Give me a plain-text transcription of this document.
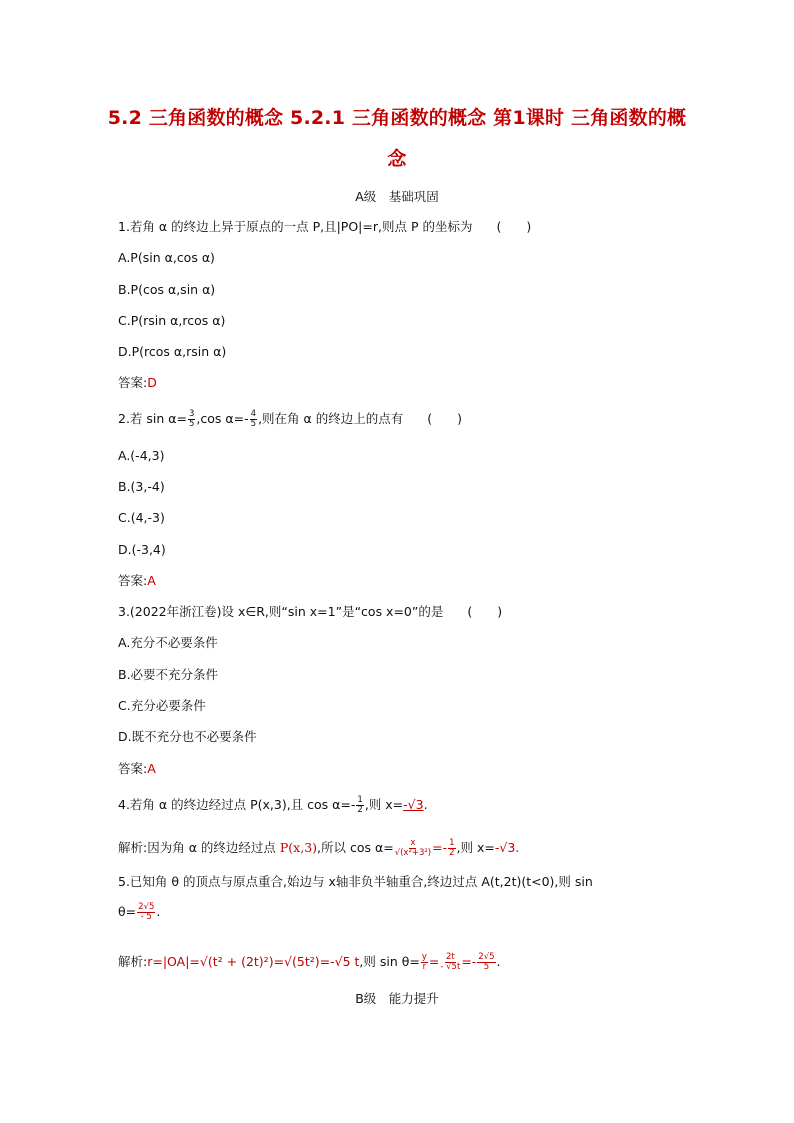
5.2 三角函数的概念 5.2.1 三角函数的概念 第1课时 三角函数的概念
A级　基础巩固
1.若角 α 的终边上异于原点的一点 P,且|PO|=r,则点 P 的坐标为 (　　)
A.P(sin α,cos α)
B.P(cos α,sin α)
C.P(rsin α,rcos α)
D.P(rcos α,rsin α)
答案:D
2.若 $\sin \alpha= \frac{3}{5} ,\cos$ $\alpha=- \frac{4}{5}$ ,则在角 α 的终边上的点有 (　　)
A.(-4,3)
B.(3,-4)
C.(4,-3)
D.(-3,4)
答案:A
3.(2022年浙江卷)设 x∈R,则“sin x=1”是“cos x=0”的是 (　　)
A.充分不必要条件
B.必要不充分条件
C.充分必要条件
D.既不充分也不必要条件
答案:A
4.若角 α 的终边经过点 P(x,3),且 $\cos \alpha=- \frac{1}{2}$ ,则 x=-√3.
解析:因为角 α 的终边经过点 P(x,3),所以 $\cos \alpha= \frac{x}{\text{√(x²+3²)}} =- \frac{1}{2}$ ,则 x=-√3.
5.已知角 θ 的顶点与原点重合,始边与 x轴非负半轴重合,终边过点 A(t,2t)(t<0),则 sin
$\theta= \frac{2√5}{- 5}$ .
解析:r=|OA|=√(t² + (2t)²)=√(5t²)=-√5 t,则 $\sin \theta= \frac{y}{r} = \frac{2t}{- √5t} =- \frac{2√5}{5}$ .
B级　能力提升
